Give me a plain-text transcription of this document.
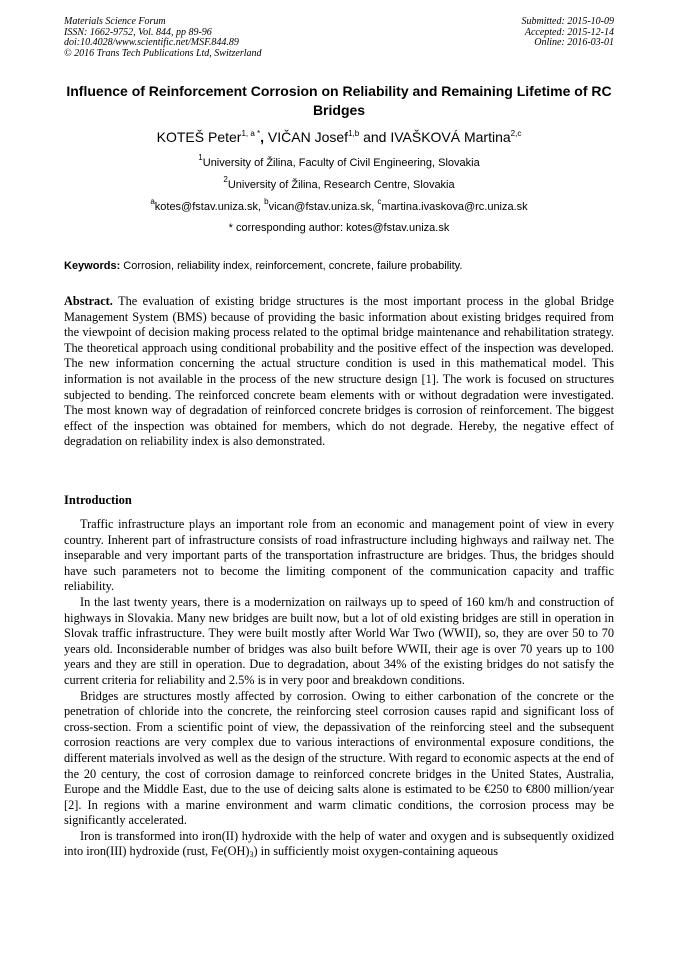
Materials Science Forum
ISSN: 1662-9752, Vol. 844, pp 89-96
doi:10.4028/www.scientific.net/MSF.844.89
© 2016 Trans Tech Publications Ltd, Switzerland
Submitted: 2015-10-09
Accepted: 2015-12-14
Online: 2016-03-01
Influence of Reinforcement Corrosion on Reliability and Remaining Lifetime of RC Bridges
KOTEŠ Peter$^{1, a *}$, VIČAN Josef$^{1,b}$ and IVAŠKOVÁ Martina$^{2,c}$
$^1$University of Žilina, Faculty of Civil Engineering, Slovakia
$^2$University of Žilina, Research Centre, Slovakia
$^a$kotes@fstav.uniza.sk, $^b$vican@fstav.uniza.sk, $^c$martina.ivaskova@rc.uniza.sk
* corresponding author: kotes@fstav.uniza.sk
Keywords: Corrosion, reliability index, reinforcement, concrete, failure probability.
Abstract. The evaluation of existing bridge structures is the most important process in the global Bridge Management System (BMS) because of providing the basic information about existing bridges required from the viewpoint of decision making process related to the optimal bridge maintenance and rehabilitation strategy. The theoretical approach using conditional probability and the positive effect of the inspection was developed. The new information concerning the actual structure condition is used in this mathematical model. This information is not available in the process of the new structure design [1]. The work is focused on structures subjected to bending. The reinforced concrete beam elements with or without degradation were investigated. The most known way of degradation of reinforced concrete bridges is corrosion of reinforcement. The biggest effect of the inspection was obtained for members, which do not degrade. Hereby, the negative effect of degradation on reliability index is also demonstrated.
Introduction

Traffic infrastructure plays an important role from an economic and management point of view in every country. Inherent part of infrastructure consists of road infrastructure including highways and railway net. The inseparable and very important parts of the transportation infrastructure are bridges. Thus, the bridges should have such parameters not to become the limiting component of the communication capacity and traffic reliability.

In the last twenty years, there is a modernization on railways up to speed of 160 km/h and construction of highways in Slovakia. Many new bridges are built now, but a lot of old existing bridges are still in operation in Slovak traffic infrastructure. They were built mostly after World War Two (WWII), so, they are over 50 to 70 years old. Inconsiderable number of bridges was also built before WWII, their age is over 70 years up to 100 years and they are still in operation. Due to degradation, about 34% of the existing bridges do not satisfy the current criteria for reliability and 2.5% is in very poor and breakdown conditions.

Bridges are structures mostly affected by corrosion. Owing to either carbonation of the concrete or the penetration of chloride into the concrete, the reinforcing steel corrosion causes rapid and significant loss of cross-section. From a scientific point of view, the depassivation of the reinforcing steel and the subsequent corrosion reactions are very complex due to various interactions of environmental exposure conditions, the different materials involved as well as the design of the structure. With regard to economic aspects at the end of the 20 century, the cost of corrosion damage to reinforced concrete bridges in the United States, Australia, Europe and the Middle East, due to the use of deicing salts alone is estimated to be €250 to €800 million/year [2]. In regions with a marine environment and warm climatic conditions, the corrosion process may be significantly accelerated.

Iron is transformed into iron(II) hydroxide with the help of water and oxygen and is subsequently oxidized into iron(III) hydroxide (rust, $Fe(OH)_3$) in sufficiently moist oxygen-containing aqueous
